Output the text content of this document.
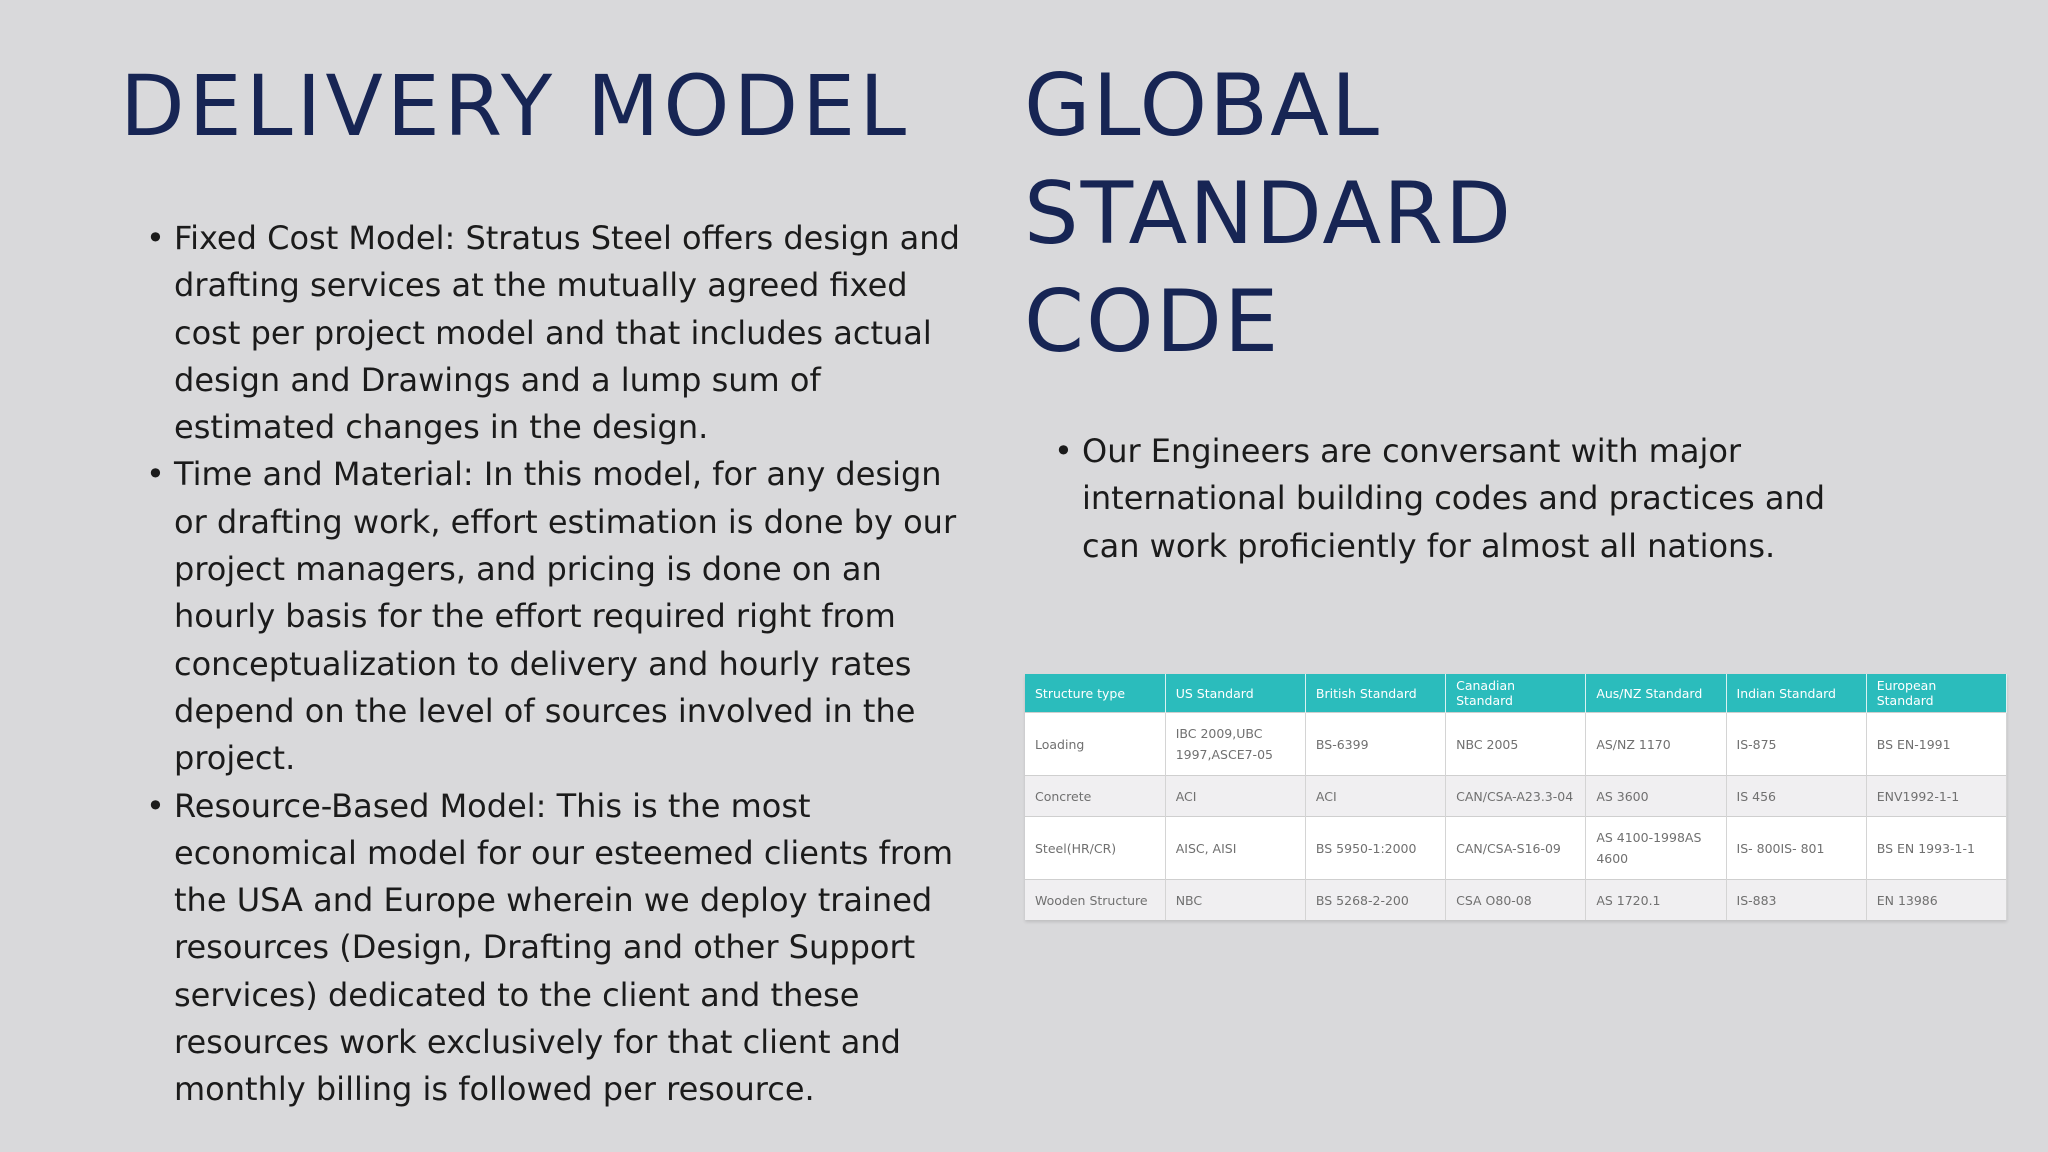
DELIVERY MODEL
• Fixed Cost Model: Stratus Steel offers design and drafting services at the mutually agreed fixed cost per project model and that includes actual design and Drawings and a lump sum of estimated changes in the design.
• Time and Material: In this model, for any design or drafting work, effort estimation is done by our project managers, and pricing is done on an hourly basis for the effort required right from conceptualization to delivery and hourly rates depend on the level of sources involved in the project.
• Resource-Based Model: This is the most economical model for our esteemed clients from the USA and Europe wherein we deploy trained resources (Design, Drafting and other Support services) dedicated to the client and these resources work exclusively for that client and monthly billing is followed per resource.
GLOBAL
STANDARD
CODE
• Our Engineers are conversant with major international building codes and practices and can work proficiently for almost all nations.
Structure type	US Standard	British Standard	Canadian Standard	Aus/NZ Standard	Indian Standard	European Standard
Loading	IBC 2009,UBC 1997,ASCE7-05	BS-6399	NBC 2005	AS/NZ 1170	IS-875	BS EN-1991
Concrete	ACI	ACI	CAN/CSA-A23.3-04	AS 3600	IS 456	ENV1992-1-1
Steel(HR/CR)	AISC, AISI	BS 5950-1:2000	CAN/CSA-S16-09	AS 4100-1998AS 4600	IS- 800IS- 801	BS EN 1993-1-1
Wooden Structure	NBC	BS 5268-2-200	CSA O80-08	AS 1720.1	IS-883	EN 13986
